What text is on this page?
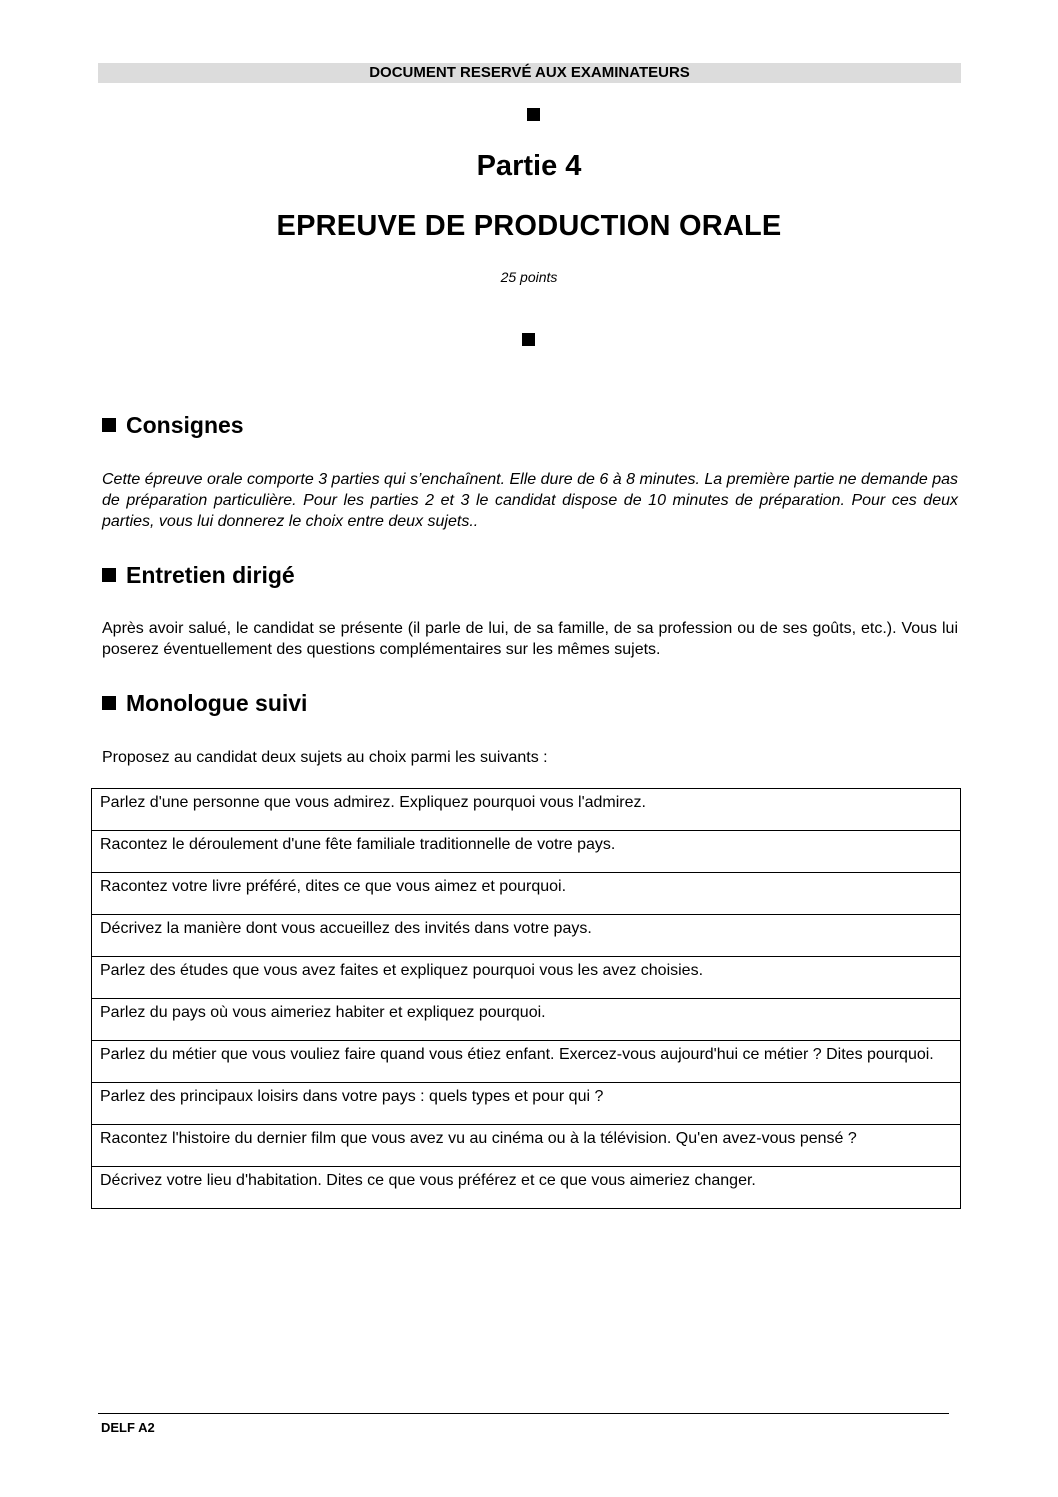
DOCUMENT RESERVÉ AUX EXAMINATEURS
Partie 4
EPREUVE DE PRODUCTION ORALE
25 points
Consignes
Cette épreuve orale comporte 3 parties qui s’enchaînent. Elle dure de 6 à 8 minutes. La première partie ne demande pas de préparation particulière. Pour les parties 2 et 3 le candidat dispose de 10 minutes de préparation. Pour ces deux parties, vous lui donnerez le choix entre deux sujets..
Entretien dirigé
Après avoir salué, le candidat se présente (il parle de lui, de sa famille, de sa profession ou de ses goûts, etc.). Vous lui poserez éventuellement des questions complémentaires sur les mêmes sujets.
Monologue suivi
Proposez au candidat deux sujets au choix parmi les suivants :
Parlez d'une personne que vous admirez. Expliquez pourquoi vous l'admirez.
Racontez le déroulement d'une fête familiale traditionnelle de votre pays.
Racontez votre livre préféré, dites ce que vous aimez et pourquoi.
Décrivez la manière dont vous accueillez des invités dans votre pays.
Parlez des études que vous avez faites et expliquez pourquoi vous les avez choisies.
Parlez du pays où vous aimeriez habiter et expliquez pourquoi.
Parlez du métier que vous vouliez faire quand vous étiez enfant. Exercez-vous aujourd'hui ce métier ? Dites pourquoi.
Parlez des principaux loisirs dans votre pays : quels types et pour qui ?
Racontez l'histoire du dernier film que vous avez vu au cinéma ou à la télévision. Qu'en avez-vous pensé ?
Décrivez votre lieu d'habitation. Dites ce que vous préférez et ce que vous aimeriez changer.
DELF A2
